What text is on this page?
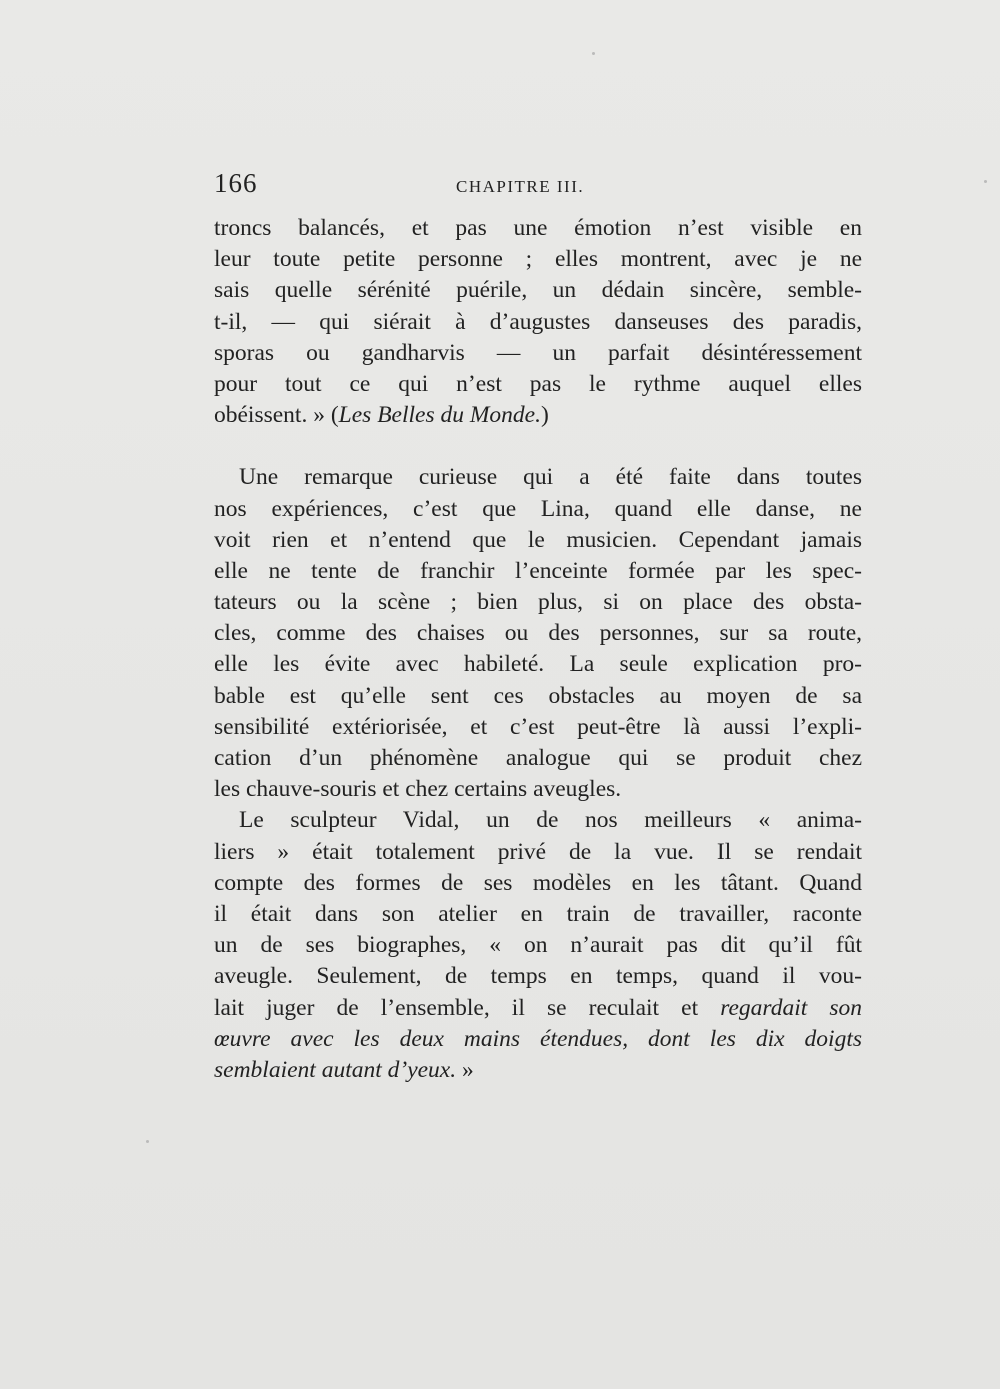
166	CHAPITRE III.
troncs balancés, et pas une émotion n’est visible en
leur toute petite personne ; elles montrent, avec je ne
sais quelle sérénité puérile, un dédain sincère, semble-
t-il, — qui siérait à d’augustes danseuses des paradis,
sporas ou gandharvis — un parfait désintéressement
pour tout ce qui n’est pas le rythme auquel elles
obéissent. » (Les Belles du Monde.)
Une remarque curieuse qui a été faite dans toutes
nos expériences, c’est que Lina, quand elle danse, ne
voit rien et n’entend que le musicien. Cependant jamais
elle ne tente de franchir l’enceinte formée par les spec-
tateurs ou la scène ; bien plus, si on place des obsta-
cles, comme des chaises ou des personnes, sur sa route,
elle les évite avec habileté. La seule explication pro-
bable est qu’elle sent ces obstacles au moyen de sa
sensibilité extériorisée, et c’est peut-être là aussi l’expli-
cation d’un phénomène analogue qui se produit chez
les chauve-souris et chez certains aveugles.
Le sculpteur Vidal, un de nos meilleurs « anima-
liers » était totalement privé de la vue. Il se rendait
compte des formes de ses modèles en les tâtant. Quand
il était dans son atelier en train de travailler, raconte
un de ses biographes, « on n’aurait pas dit qu’il fût
aveugle. Seulement, de temps en temps, quand il vou-
lait juger de l’ensemble, il se reculait et regardait son
œuvre avec les deux mains étendues, dont les dix doigts
semblaient autant d’yeux. »
